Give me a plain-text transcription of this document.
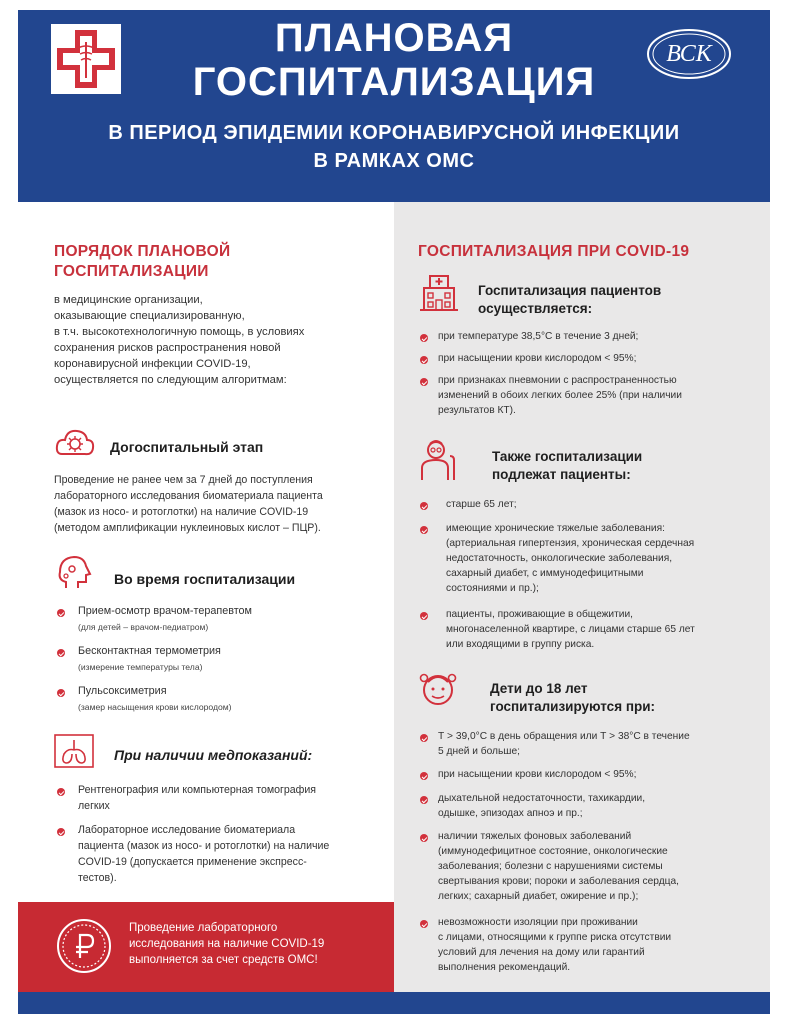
ПЛАНОВАЯ
ГОСПИТАЛИЗАЦИЯ
В ПЕРИОД ЭПИДЕМИИ КОРОНАВИРУСНОЙ ИНФЕКЦИИ
В РАМКАХ ОМС
ВСК
ПОРЯДОК ПЛАНОВОЙ
ГОСПИТАЛИЗАЦИИ
в медицинские организации,
оказывающие специализированную,
в т.ч. высокотехнологичную помощь, в условиях
сохранения рисков распространения новой
коронавирусной инфекции COVID-19,
осуществляется по следующим алгоритмам:
Догоспитальный этап
Проведение не ранее чем за 7 дней до поступления
лабораторного исследования биоматериала пациента
(мазок из носо- и ротоглотки) на наличие COVID-19
(методом амплификации нуклеиновых кислот – ПЦР).
Во время госпитализации
Прием-осмотр врачом-терапевтом
(для детей – врачом-педиатром)
Бесконтактная термометрия
(измерение температуры тела)
Пульсоксиметрия
(замер насыщения крови кислородом)
При наличии медпоказаний:
Рентгенография или компьютерная томография
легких
Лабораторное исследование биоматериала
пациента (мазок из носо- и ротоглотки) на наличие
COVID-19 (допускается применение экспресс-
тестов).
Проведение лабораторного
исследования на наличие COVID-19
выполняется за счет средств ОМС!
ГОСПИТАЛИЗАЦИЯ ПРИ COVID-19
Госпитализация пациентов
осуществляется:
при температуре 38,5°С в течение 3 дней;
при насыщении крови кислородом < 95%;
при признаках пневмонии с распространенностью
изменений в обоих легких более 25% (при наличии
результатов КТ).
Также госпитализации
подлежат пациенты:
старше 65 лет;
имеющие хронические тяжелые заболевания:
(артериальная гипертензия, хроническая сердечная
недостаточность, онкологические заболевания,
сахарный диабет, с иммунодефицитными
состояниями и пр.);
пациенты, проживающие в общежитии,
многонаселенной квартире, с лицами старше 65 лет
или входящими в группу риска.
Дети до 18 лет
госпитализируются при:
Т > 39,0°С в день обращения или Т > 38°С в течение
5 дней и больше;
при насыщении крови кислородом < 95%;
дыхательной недостаточности, тахикардии,
одышке, эпизодах апноэ и пр.;
наличии тяжелых фоновых заболеваний
(иммунодефицитное состояние, онкологические
заболевания; болезни с нарушениями системы
свертывания крови; пороки и заболевания сердца,
легких; сахарный диабет, ожирение и пр.);
невозможности изоляции при проживании
с лицами, относящими к группе риска отсутствии
условий для лечения на дому или гарантий
выполнения рекомендаций.
